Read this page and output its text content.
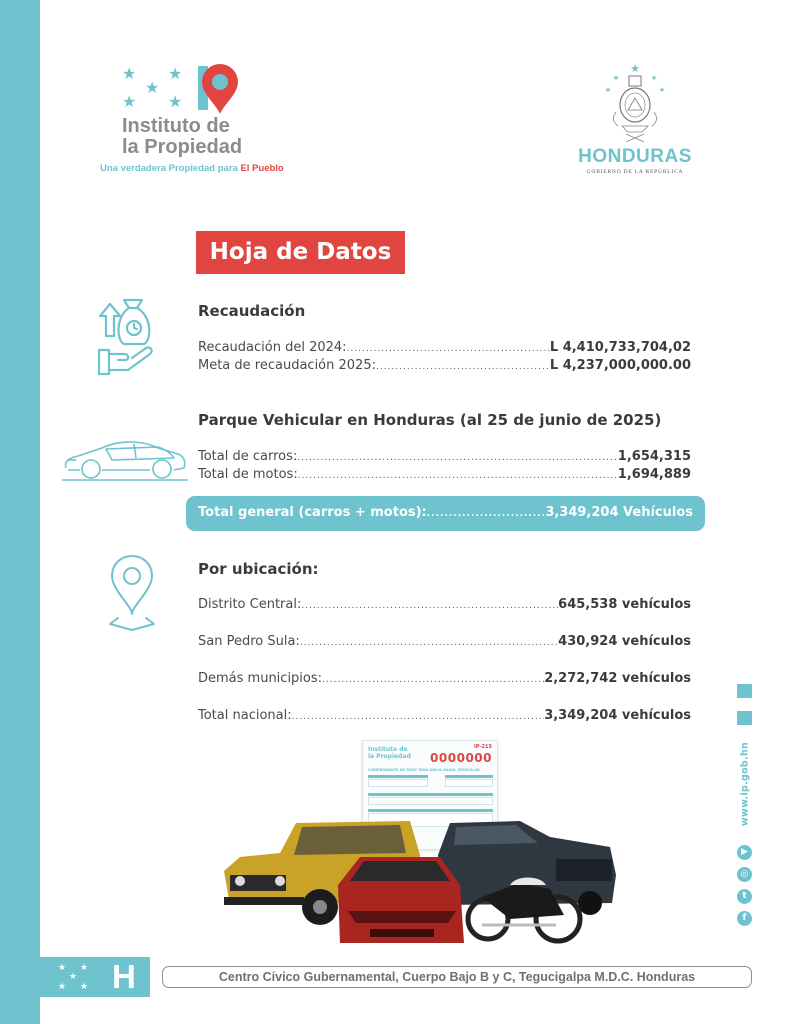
★ ★
★
★ ★
Instituto de
la Propiedad
Una verdadera Propiedad para El Pueblo
★
★	★
★	★
HONDURAS
GOBIERNO DE LA REPÚBLICA
Hoja de Datos
Recaudación
Recaudación del 2024: .....	L 4,410,733,704,02
Meta de recaudación 2025: .....	L 4,237,000,000.00
Parque Vehicular en Honduras (al 25 de junio de 2025)
Total de carros: .....	1,654,315
Total de motos: .....	1,694,889
Total general (carros + motos): .....	3,349,204 Vehículos
Por ubicación:
Distrito Central: .....	645,538 vehículos
San Pedro Sula: .....	430,924 vehículos
Demás municipios: .....	2,272,742 vehículos
Total nacional: .....	3,349,204 vehículos
Instituto de
la Propiedad
IP-215
0000000
COMPROBANTE DE PAGO TASA ÚNICA ANUAL VEHICULAR	www.ip.gob.hn
▶
◎
t
f
★ ★
★
★ ★ H	Centro Cívico Gubernamental, Cuerpo Bajo B y C, Tegucigalpa M.D.C. Honduras
